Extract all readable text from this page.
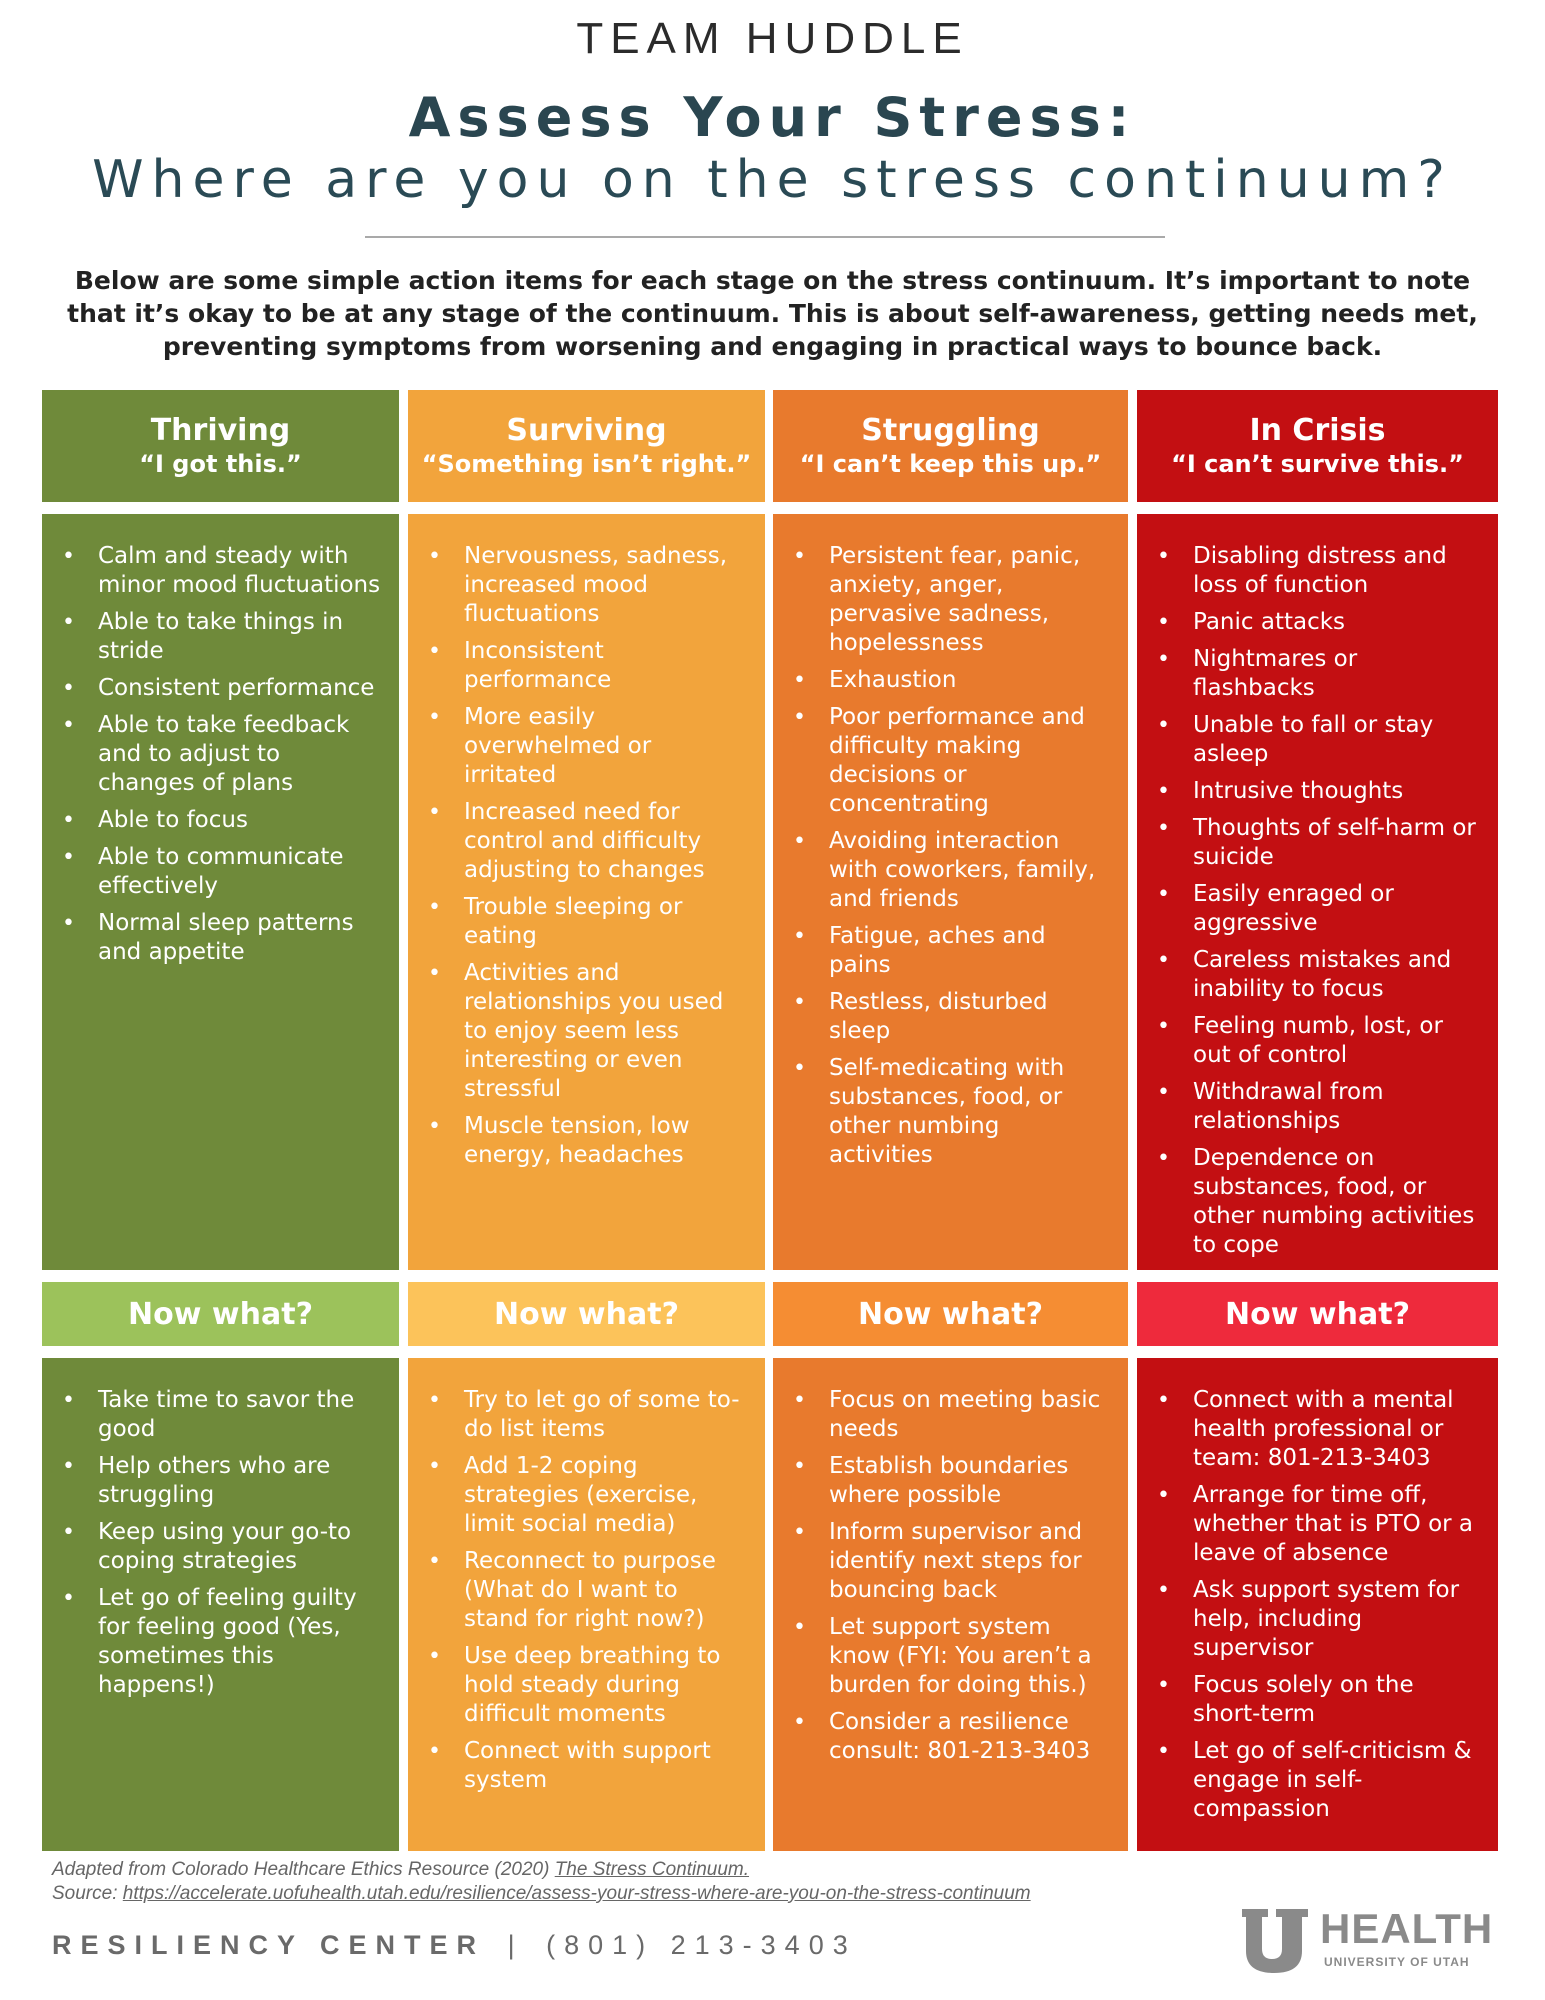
TEAM HUDDLE
Assess Your Stress:
Where are you on the stress continuum?
Below are some simple action items for each stage on the stress continuum. It’s important to note that it’s okay to be at any stage of the continuum. This is about self-awareness, getting needs met, preventing symptoms from worsening and engaging in practical ways to bounce back.
Thriving
“I got this.”
• Calm and steady with minor mood fluctuations
• Able to take things in stride
• Consistent performance
• Able to take feedback and to adjust to changes of plans
• Able to focus
• Able to communicate effectively
• Normal sleep patterns and appetite
Now what?
• Take time to savor the good
• Help others who are struggling
• Keep using your go-to coping strategies
• Let go of feeling guilty for feeling good (Yes, sometimes this happens!)
Surviving
“Something isn’t right.”
• Nervousness, sadness, increased mood fluctuations
• Inconsistent performance
• More easily overwhelmed or irritated
• Increased need for control and difficulty adjusting to changes
• Trouble sleeping or eating
• Activities and relationships you used to enjoy seem less interesting or even stressful
• Muscle tension, low energy, headaches
Now what?
• Try to let go of some to-do list items
• Add 1-2 coping strategies (exercise, limit social media)
• Reconnect to purpose (What do I want to stand for right now?)
• Use deep breathing to hold steady during difficult moments
• Connect with support system
Struggling
“I can’t keep this up.”
• Persistent fear, panic, anxiety, anger, pervasive sadness, hopelessness
• Exhaustion
• Poor performance and difficulty making decisions or concentrating
• Avoiding interaction with coworkers, family, and friends
• Fatigue, aches and pains
• Restless, disturbed sleep
• Self-medicating with substances, food, or other numbing activities
Now what?
• Focus on meeting basic needs
• Establish boundaries where possible
• Inform supervisor and identify next steps for bouncing back
• Let support system know (FYI: You aren’t a burden for doing this.)
• Consider a resilience consult: 801-213-3403
In Crisis
“I can’t survive this.”
• Disabling distress and loss of function
• Panic attacks
• Nightmares or flashbacks
• Unable to fall or stay asleep
• Intrusive thoughts
• Thoughts of self-harm or suicide
• Easily enraged or aggressive
• Careless mistakes and inability to focus
• Feeling numb, lost, or out of control
• Withdrawal from relationships
• Dependence on substances, food, or other numbing activities to cope
Now what?
• Connect with a mental health professional or team: 801-213-3403
• Arrange for time off, whether that is PTO or a leave of absence
• Ask support system for help, including supervisor
• Focus solely on the short-term
• Let go of self-criticism & engage in self-compassion
Adapted from Colorado Healthcare Ethics Resource (2020) The Stress Continuum.
Source: https://accelerate.uofuhealth.utah.edu/resilience/assess-your-stress-where-are-you-on-the-stress-continuum
RESILIENCY CENTER | (801) 213-3403	HEALTH
UNIVERSITY OF UTAH
